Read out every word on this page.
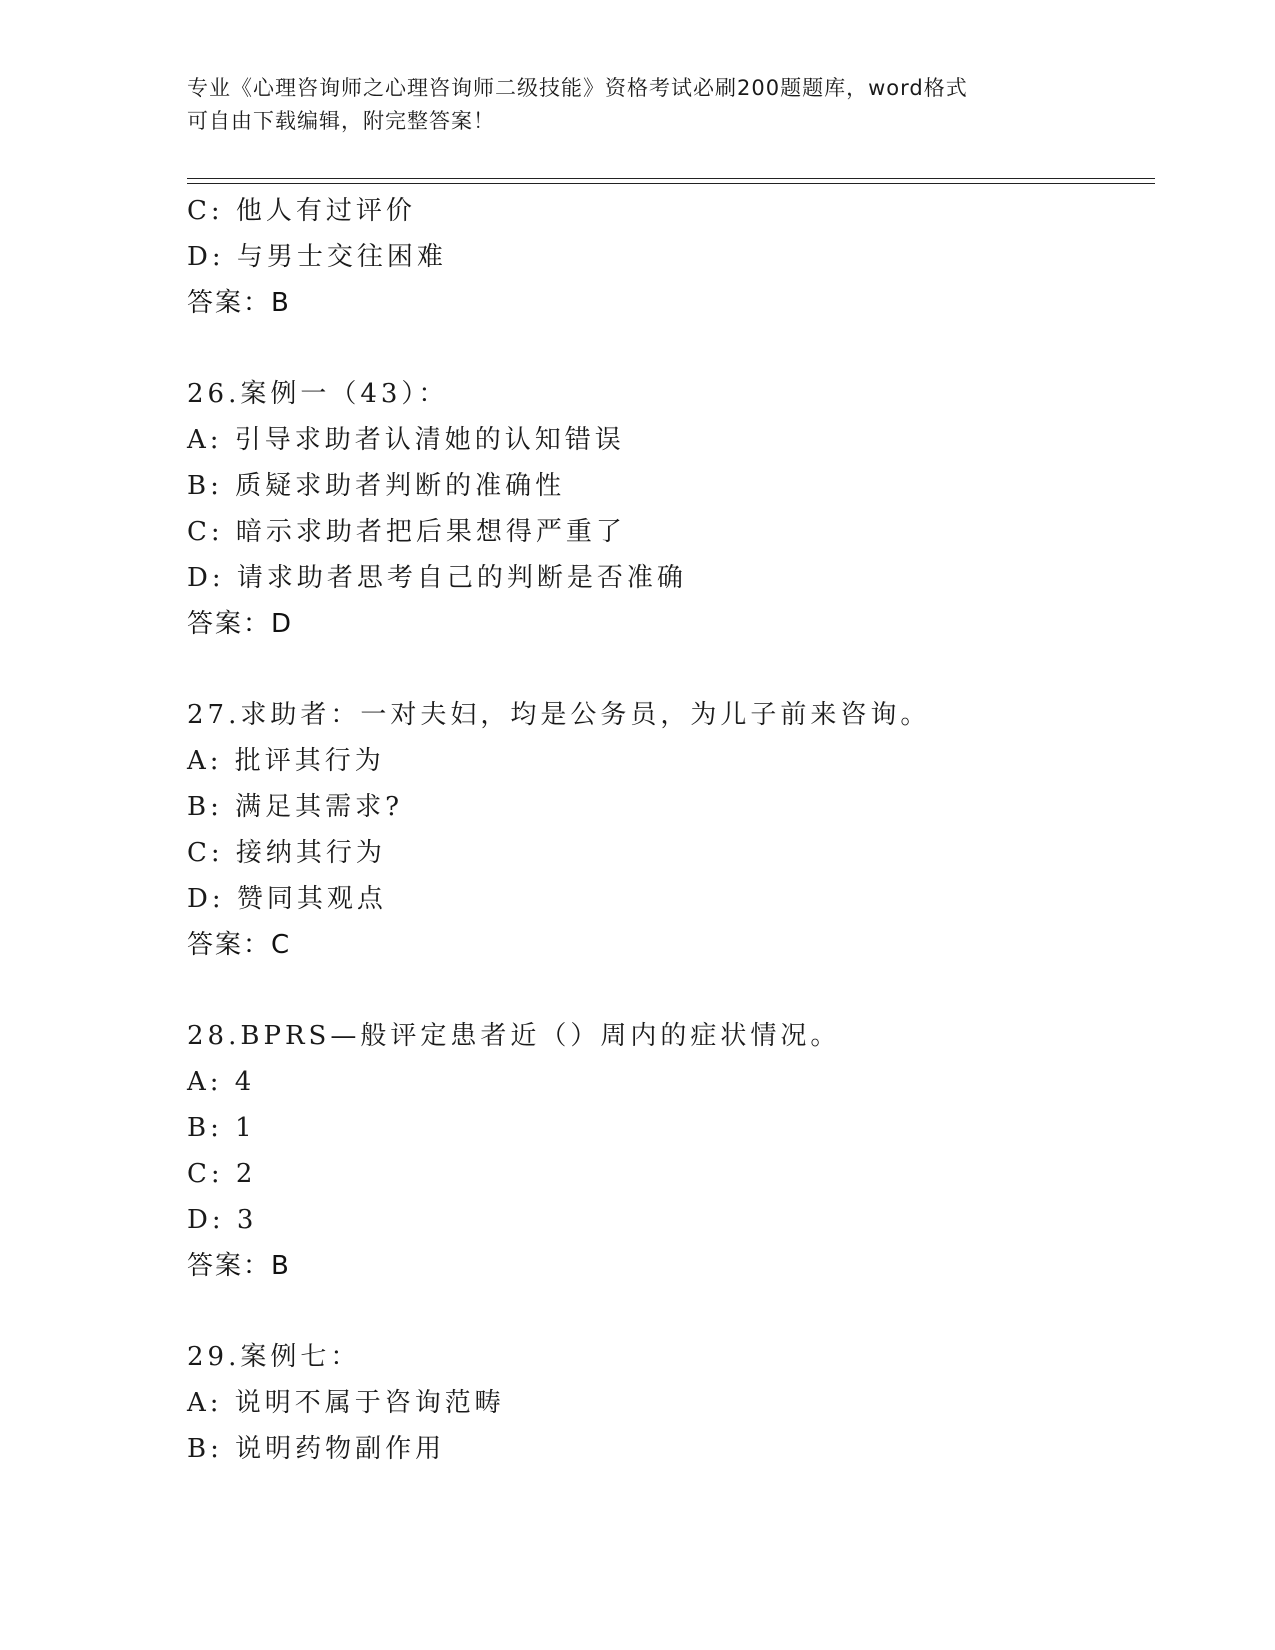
专业《心理咨询师之心理咨询师二级技能》资格考试必刷200题题库，word格式
可自由下载编辑，附完整答案！
C: 他人有过评价
D: 与男士交往困难
答案：B
26.案例一（43）：
A: 引导求助者认清她的认知错误
B: 质疑求助者判断的准确性
C: 暗示求助者把后果想得严重了
D: 请求助者思考自己的判断是否准确
答案：D
27.求助者：一对夫妇，均是公务员，为儿子前来咨询。
A: 批评其行为
B: 满足其需求?
C: 接纳其行为
D: 赞同其观点
答案：C
28.BPRS—般评定患者近（）周内的症状情况。
A: 4
B: 1
C: 2
D: 3
答案：B
29.案例七：
A: 说明不属于咨询范畴
B: 说明药物副作用
